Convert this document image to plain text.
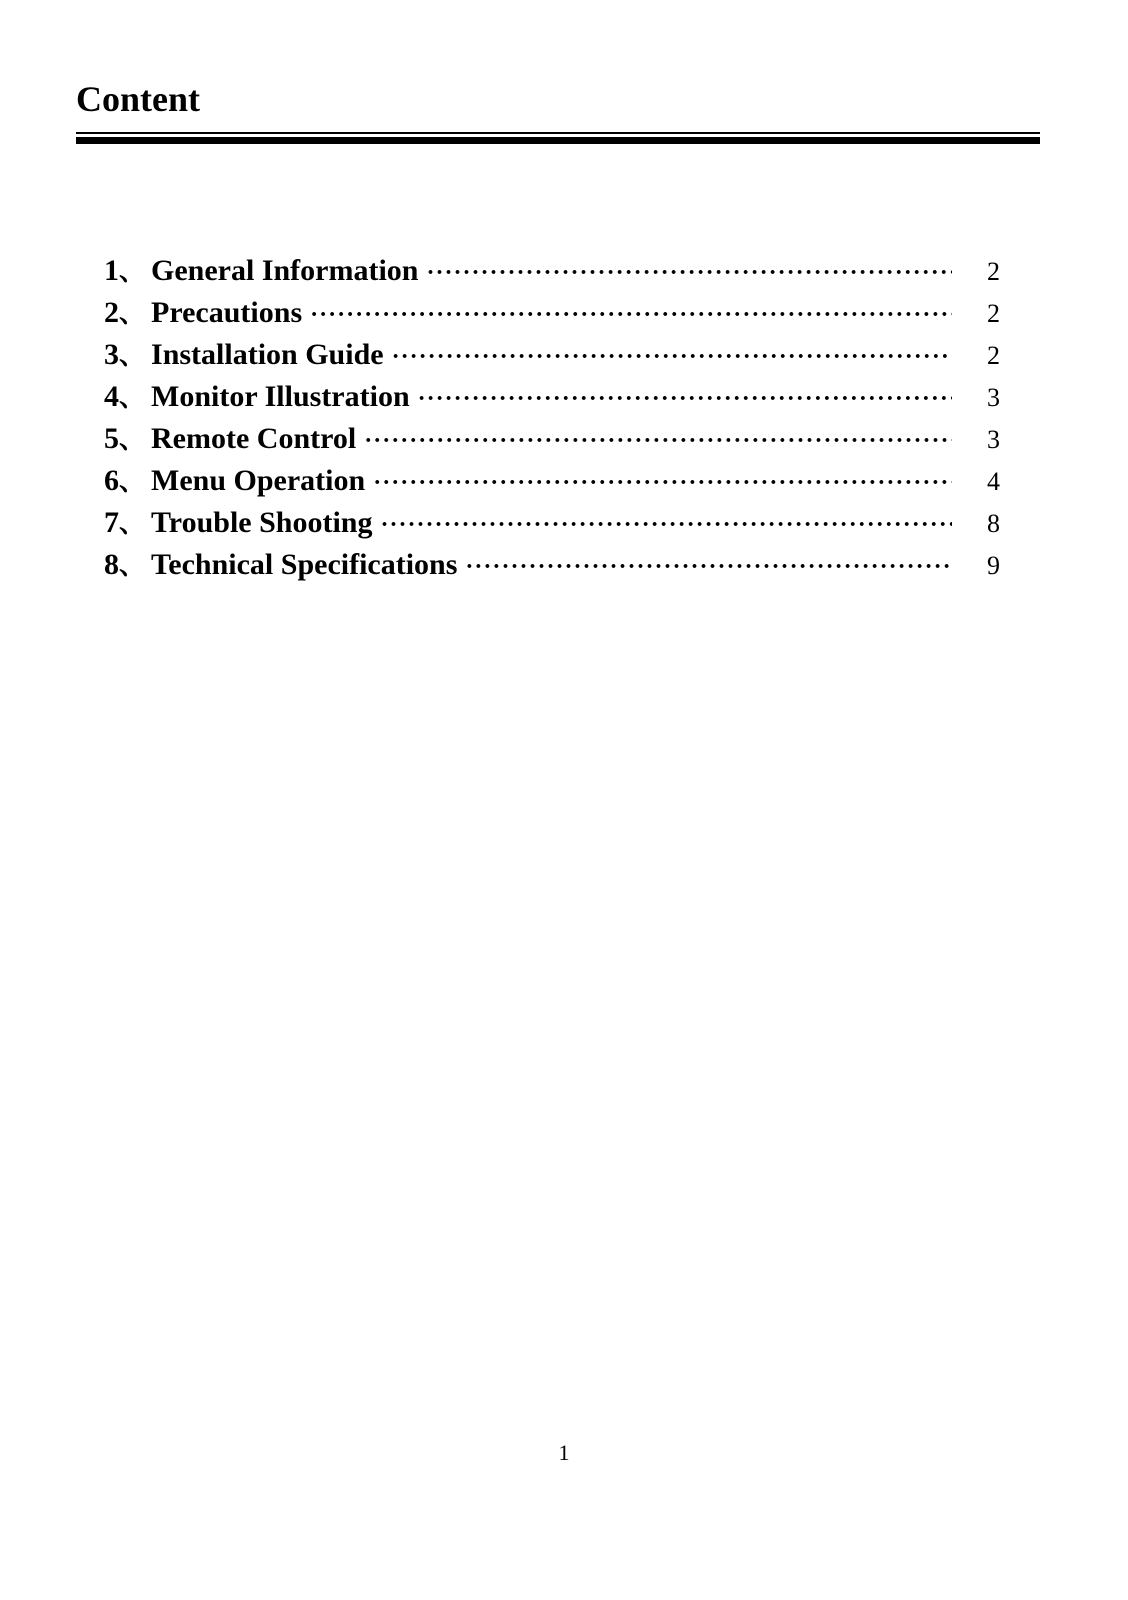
Content
1 、 General Information ·····	2
2 、 Precautions ·····	2
3 、 Installation Guide ·····	2
4 、 Monitor Illustration ·····	3
5 、 Remote Control ·····	3
6 、 Menu Operation ·····	4
7 、 Trouble Shooting ·····	8
8 、 Technical Specifications ·····	9
1
